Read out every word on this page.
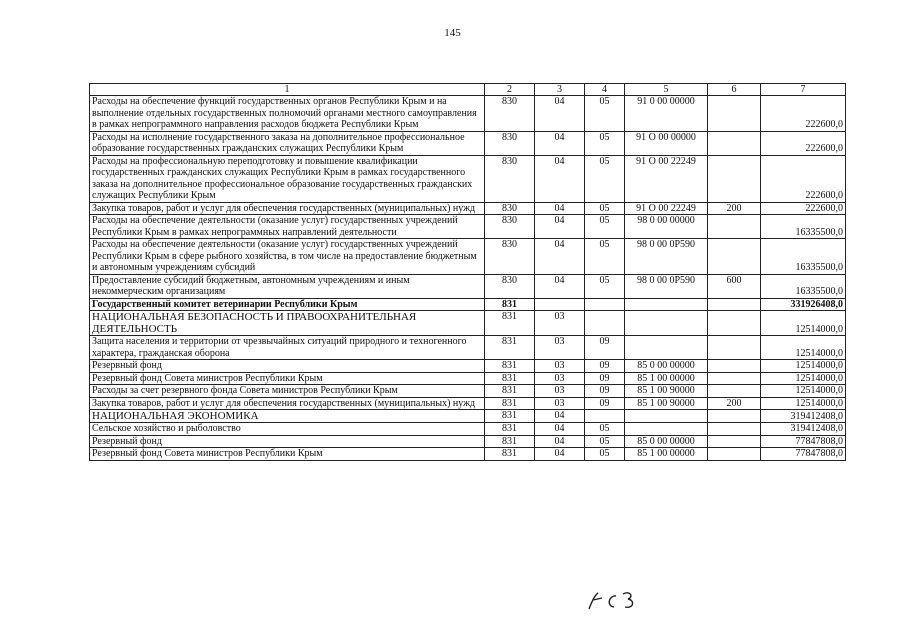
145
1	2	3	4	5	6	7
Расходы на обеспечение функций государственных органов Республики Крым и на выполнение отдельных государственных полномочий органами местного самоуправления в рамках непрограммного направления расходов бюджета Республики Крым	830	04	05	91 0 00 00000		222600,0
Расходы на исполнение государственного заказа на дополнительное профессиональное образование государственных гражданских служащих Республики Крым	830	04	05	91 О 00 00000		222600,0
Расходы на профессиональную переподготовку и повышение квалификации государственных гражданских служащих Республики Крым в рамках государственного заказа на дополнительное профессиональное образование государственных гражданских служащих Республики Крым	830	04	05	91 О 00 22249		222600,0
Закупка товаров, работ и услуг для обеспечения государственных (муниципальных) нужд	830	04	05	91 О 00 22249	200	222600,0
Расходы на обеспечение деятельности (оказание услуг) государственных учреждений Республики Крым в рамках непрограммных направлений деятельности	830	04	05	98 0 00 00000		16335500,0
Расходы на обеспечение деятельности (оказание услуг) государственных учреждений Республики Крым в сфере рыбного хозяйства, в том числе на предоставление бюджетным и автономным учреждениям субсидий	830	04	05	98 0 00 0Р590		16335500,0
Предоставление субсидий бюджетным, автономным учреждениям и иным некоммерческим организациям	830	04	05	98 0 00 0Р590	600	16335500,0
Государственный комитет ветеринарии Республики Крым	831					331926408,0
НАЦИОНАЛЬНАЯ БЕЗОПАСНОСТЬ И ПРАВООХРАНИТЕЛЬНАЯ ДЕЯТЕЛЬНОСТЬ	831	03				12514000,0
Защита населения и территории от чрезвычайных ситуаций природного и техногенного характера, гражданская оборона	831	03	09			12514000,0
Резервный фонд	831	03	09	85 0 00 00000		12514000,0
Резервный фонд Совета министров Республики Крым	831	03	09	85 1 00 00000		12514000,0
Расходы за счет резервного фонда Совета министров Республики Крым	831	03	09	85 1 00 90000		12514000,0
Закупка товаров, работ и услуг для обеспечения государственных (муниципальных) нужд	831	03	09	85 1 00 90000	200	12514000,0
НАЦИОНАЛЬНАЯ ЭКОНОМИКА	831	04				319412408,0
Сельское хозяйство и рыболовство	831	04	05			319412408,0
Резервный фонд	831	04	05	85 0 00 00000		77847808,0
Резервный фонд Совета министров Республики Крым	831	04	05	85 1 00 00000		77847808,0
